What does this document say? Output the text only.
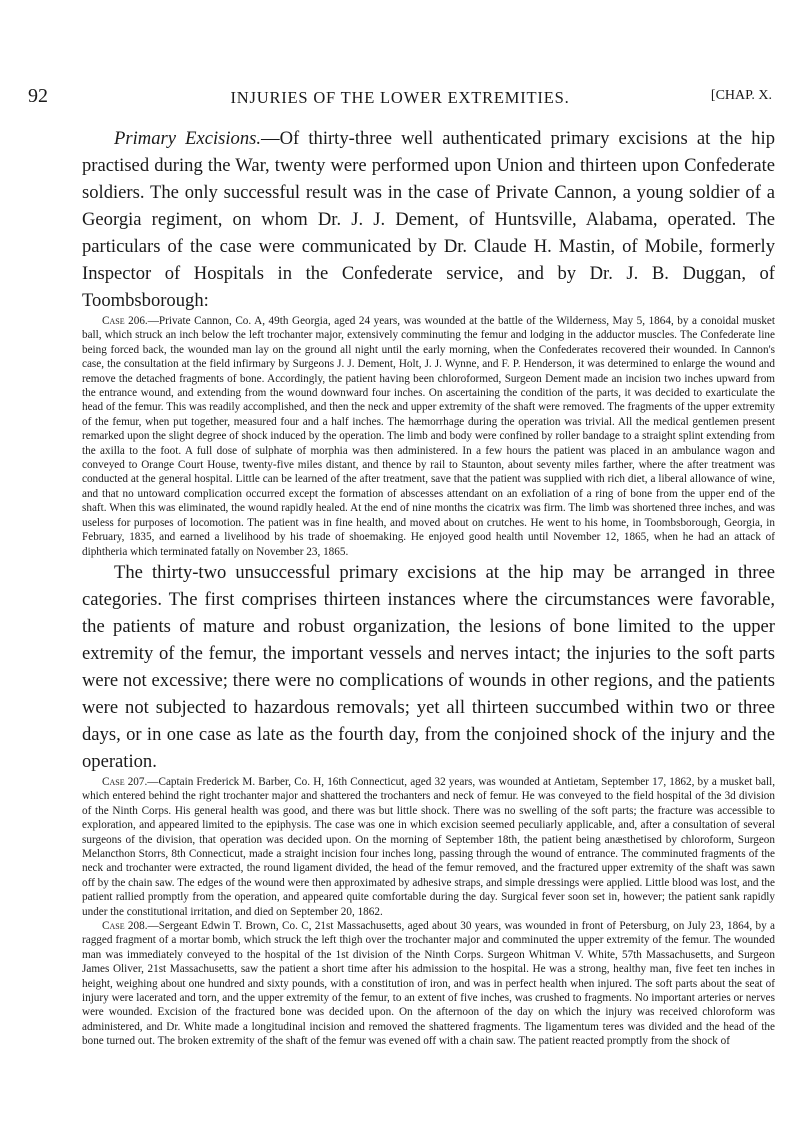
92	INJURIES OF THE LOWER EXTREMITIES.	[CHAP. X.

Primary Excisions.—Of thirty-three well authenticated primary excisions at the hip practised during the War, twenty were performed upon Union and thirteen upon Confederate soldiers. The only successful result was in the case of Private Cannon, a young soldier of a Georgia regiment, on whom Dr. J. J. Dement, of Huntsville, Alabama, operated. The particulars of the case were communicated by Dr. Claude H. Mastin, of Mobile, formerly Inspector of Hospitals in the Confederate service, and by Dr. J. B. Duggan, of Toombsborough:

Case 206.—Private Cannon, Co. A, 49th Georgia, aged 24 years, was wounded at the battle of the Wilderness, May 5, 1864, by a conoidal musket ball, which struck an inch below the left trochanter major, extensively comminuting the femur and lodging in the adductor muscles. The Confederate line being forced back, the wounded man lay on the ground all night until the early morning, when the Confederates recovered their wounded. In Cannon's case, the consultation at the field infirmary by Surgeons J. J. Dement, Holt, J. J. Wynne, and F. P. Henderson, it was determined to enlarge the wound and remove the detached fragments of bone. Accordingly, the patient having been chloroformed, Surgeon Dement made an incision two inches upward from the entrance wound, and extending from the wound downward four inches. On ascertaining the condition of the parts, it was decided to exarticulate the head of the femur. This was readily accomplished, and then the neck and upper extremity of the shaft were removed. The fragments of the upper extremity of the femur, when put together, measured four and a half inches. The hæmorrhage during the operation was trivial. All the medical gentlemen present remarked upon the slight degree of shock induced by the operation. The limb and body were confined by roller bandage to a straight splint extending from the axilla to the foot. A full dose of sulphate of morphia was then administered. In a few hours the patient was placed in an ambulance wagon and conveyed to Orange Court House, twenty-five miles distant, and thence by rail to Staunton, about seventy miles farther, where the after treatment was conducted at the general hospital. Little can be learned of the after treatment, save that the patient was supplied with rich diet, a liberal allowance of wine, and that no untoward complication occurred except the formation of abscesses attendant on an exfoliation of a ring of bone from the upper end of the shaft. When this was eliminated, the wound rapidly healed. At the end of nine months the cicatrix was firm. The limb was shortened three inches, and was useless for purposes of locomotion. The patient was in fine health, and moved about on crutches. He went to his home, in Toombsborough, Georgia, in February, 1835, and earned a livelihood by his trade of shoemaking. He enjoyed good health until November 12, 1865, when he had an attack of diphtheria which terminated fatally on November 23, 1865.

The thirty-two unsuccessful primary excisions at the hip may be arranged in three categories. The first comprises thirteen instances where the circumstances were favorable, the patients of mature and robust organization, the lesions of bone limited to the upper extremity of the femur, the important vessels and nerves intact; the injuries to the soft parts were not excessive; there were no complications of wounds in other regions, and the patients were not subjected to hazardous removals; yet all thirteen succumbed within two or three days, or in one case as late as the fourth day, from the conjoined shock of the injury and the operation.

Case 207.—Captain Frederick M. Barber, Co. H, 16th Connecticut, aged 32 years, was wounded at Antietam, September 17, 1862, by a musket ball, which entered behind the right trochanter major and shattered the trochanters and neck of femur. He was conveyed to the field hospital of the 3d division of the Ninth Corps. His general health was good, and there was but little shock. There was no swelling of the soft parts; the fracture was accessible to exploration, and appeared limited to the epiphysis. The case was one in which excision seemed peculiarly applicable, and, after a consultation of several surgeons of the division, that operation was decided upon. On the morning of September 18th, the patient being anæsthetised by chloroform, Surgeon Melancthon Storrs, 8th Connecticut, made a straight incision four inches long, passing through the wound of entrance. The comminuted fragments of the neck and trochanter were extracted, the round ligament divided, the head of the femur removed, and the fractured upper extremity of the shaft was sawn off by the chain saw. The edges of the wound were then approximated by adhesive straps, and simple dressings were applied. Little blood was lost, and the patient rallied promptly from the operation, and appeared quite comfortable during the day. Surgical fever soon set in, however; the patient sank rapidly under the constitutional irritation, and died on September 20, 1862.

Case 208.—Sergeant Edwin T. Brown, Co. C, 21st Massachusetts, aged about 30 years, was wounded in front of Petersburg, on July 23, 1864, by a ragged fragment of a mortar bomb, which struck the left thigh over the trochanter major and comminuted the upper extremity of the femur. The wounded man was immediately conveyed to the hospital of the 1st division of the Ninth Corps. Surgeon Whitman V. White, 57th Massachusetts, and Surgeon James Oliver, 21st Massachusetts, saw the patient a short time after his admission to the hospital. He was a strong, healthy man, five feet ten inches in height, weighing about one hundred and sixty pounds, with a constitution of iron, and was in perfect health when injured. The soft parts about the seat of injury were lacerated and torn, and the upper extremity of the femur, to an extent of five inches, was crushed to fragments. No important arteries or nerves were wounded. Excision of the fractured bone was decided upon. On the afternoon of the day on which the injury was received chloroform was administered, and Dr. White made a longitudinal incision and removed the shattered fragments. The ligamentum teres was divided and the head of the bone turned out. The broken extremity of the shaft of the femur was evened off with a chain saw. The patient reacted promptly from the shock of
